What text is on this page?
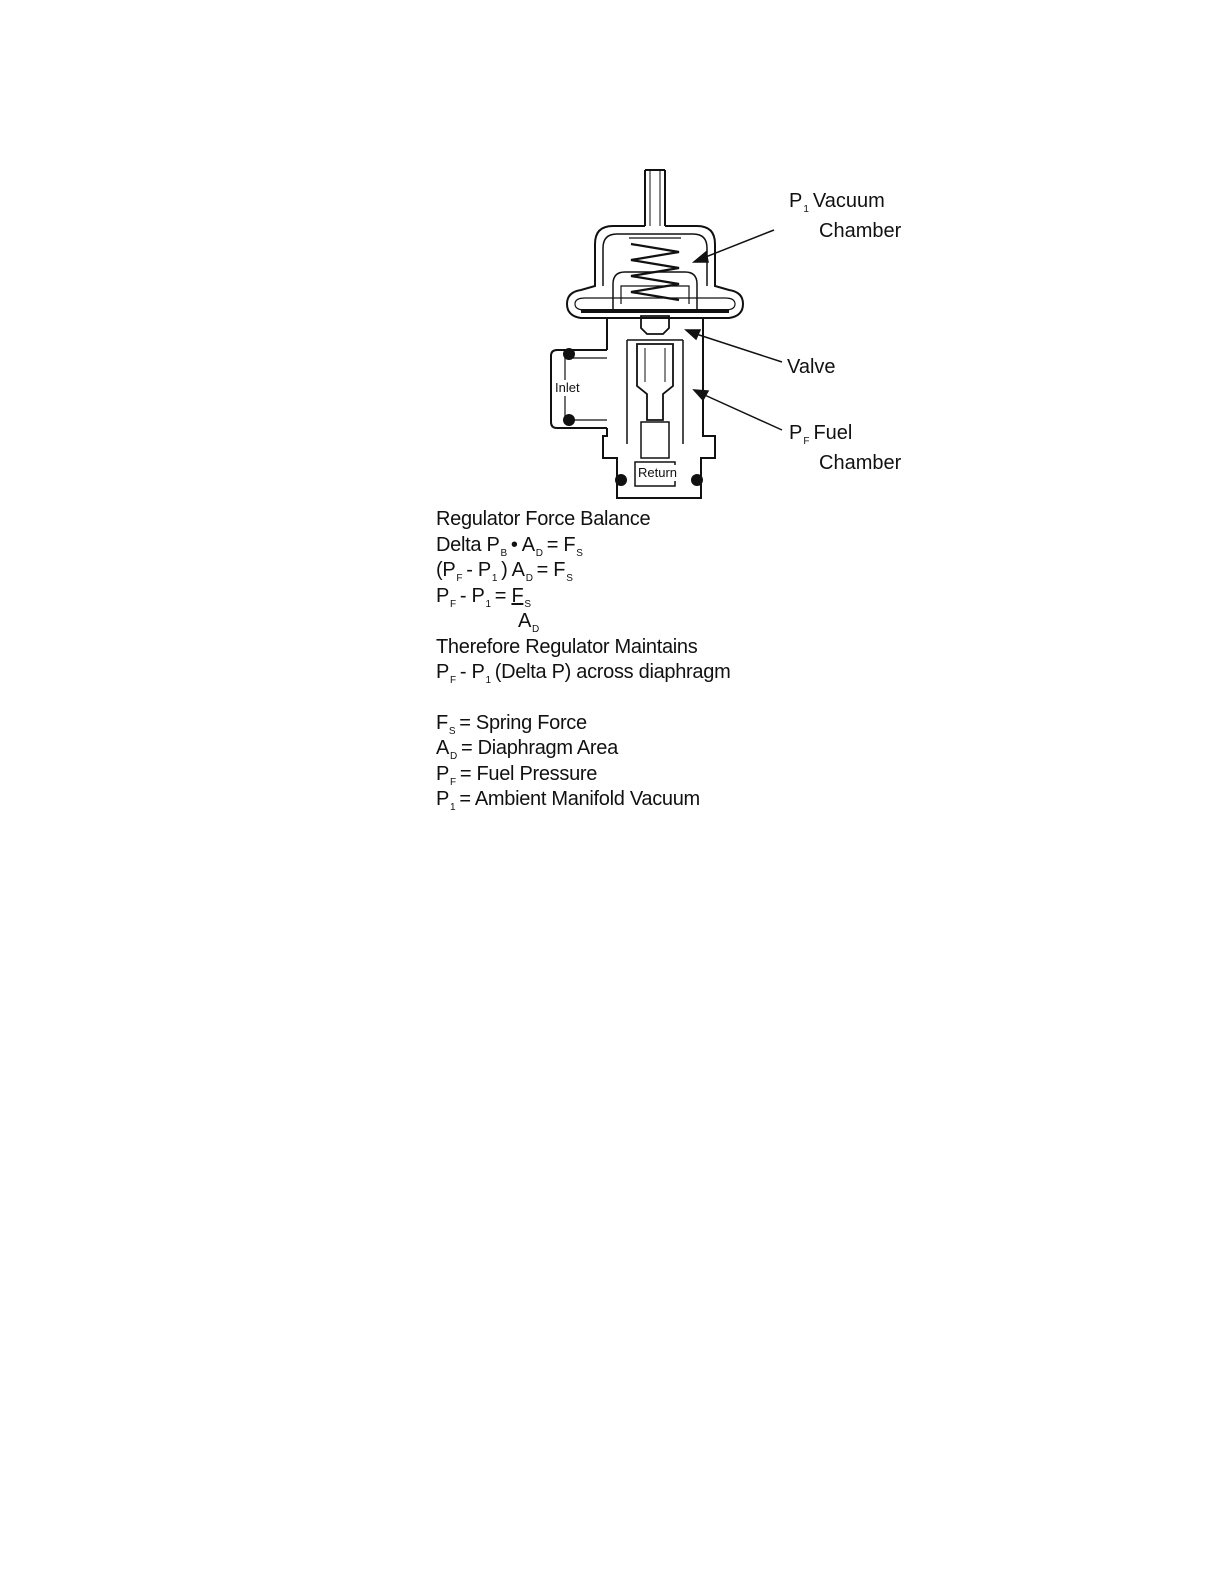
Inlet
Return
$P_1$ Vacuum
Chamber
Valve
$P_F$ Fuel
Chamber
Regulator Force Balance
Delta $P_B$ • $A_D = F_S$
($P_F - P_1$ ) $A_D = F_S$
$P_F - P_1 = F_S$
$A_D$
Therefore Regulator Maintains
$P_F - P_1$ (Delta P) across diaphragm
$F_S$ = Spring Force
$A_D$ = Diaphragm Area
$P_F$ = Fuel Pressure
$P_1$ = Ambient Manifold Vacuum
